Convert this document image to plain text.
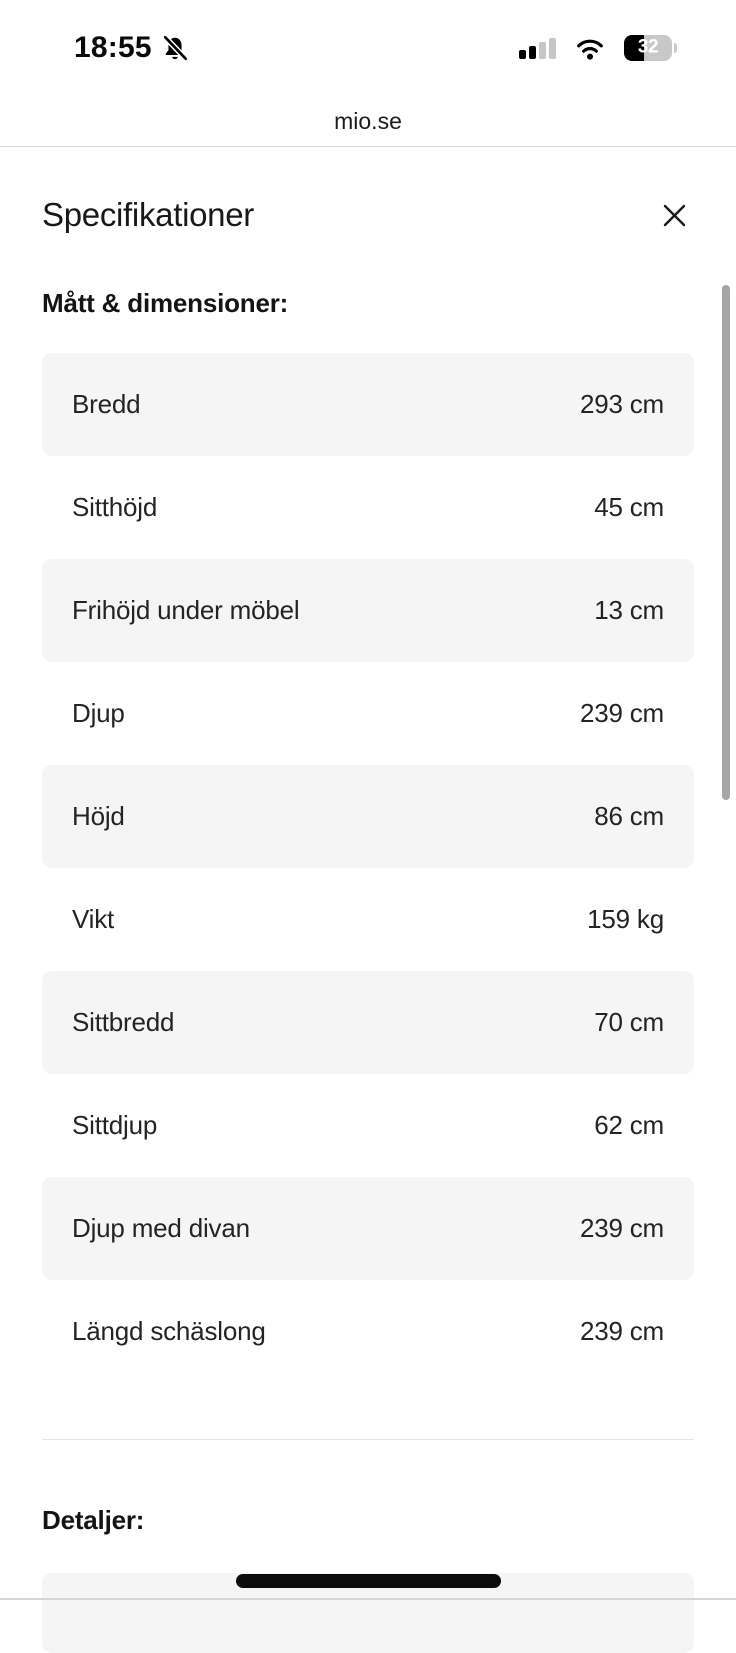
18:55	32
mio.se
Specifikationer
Mått & dimensioner:
Bredd	293 cm
Sitthöjd	45 cm
Frihöjd under möbel	13 cm
Djup	239 cm
Höjd	86 cm
Vikt	159 kg
Sittbredd	70 cm
Sittdjup	62 cm
Djup med divan	239 cm
Längd schäslong	239 cm
Detaljer:
